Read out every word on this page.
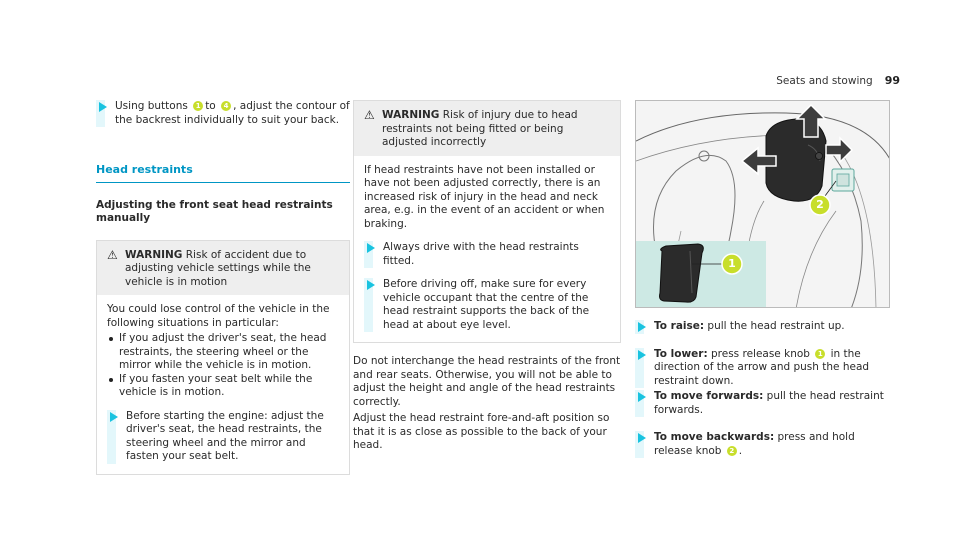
Seats and stowing 99
Using buttons 1 to 4 , adjust the contour of the backrest individually to suit your back.
Head restraints
Adjusting the front seat head restraints manually
⚠ WARNING Risk of accident due to adjusting vehicle settings while the vehicle is in motion
You could lose control of the vehicle in the following situations in particular:
If you adjust the driver's seat, the head restraints, the steering wheel or the mirror while the vehicle is in motion.
If you fasten your seat belt while the vehicle is in motion.
Before starting the engine: adjust the driver's seat, the head restraints, the steering wheel and the mirror and fasten your seat belt.
⚠ WARNING Risk of injury due to head restraints not being fitted or being adjusted incorrectly
If head restraints have not been installed or have not been adjusted correctly, there is an increased risk of injury in the head and neck area, e.g. in the event of an accident or when braking.
Always drive with the head restraints fitted.
Before driving off, make sure for every vehicle occupant that the centre of the head restraint supports the back of the head at about eye level.
Do not interchange the head restraints of the front and rear seats. Otherwise, you will not be able to adjust the height and angle of the head restraints correctly.
Adjust the head restraint fore-and-aft position so that it is as close as possible to the back of your head.
1
2
To raise: pull the head restraint up.
To lower: press release knob 1 in the direction of the arrow and push the head restraint down.
To move forwards: pull the head restraint forwards.
To move backwards: press and hold release knob 2 .
